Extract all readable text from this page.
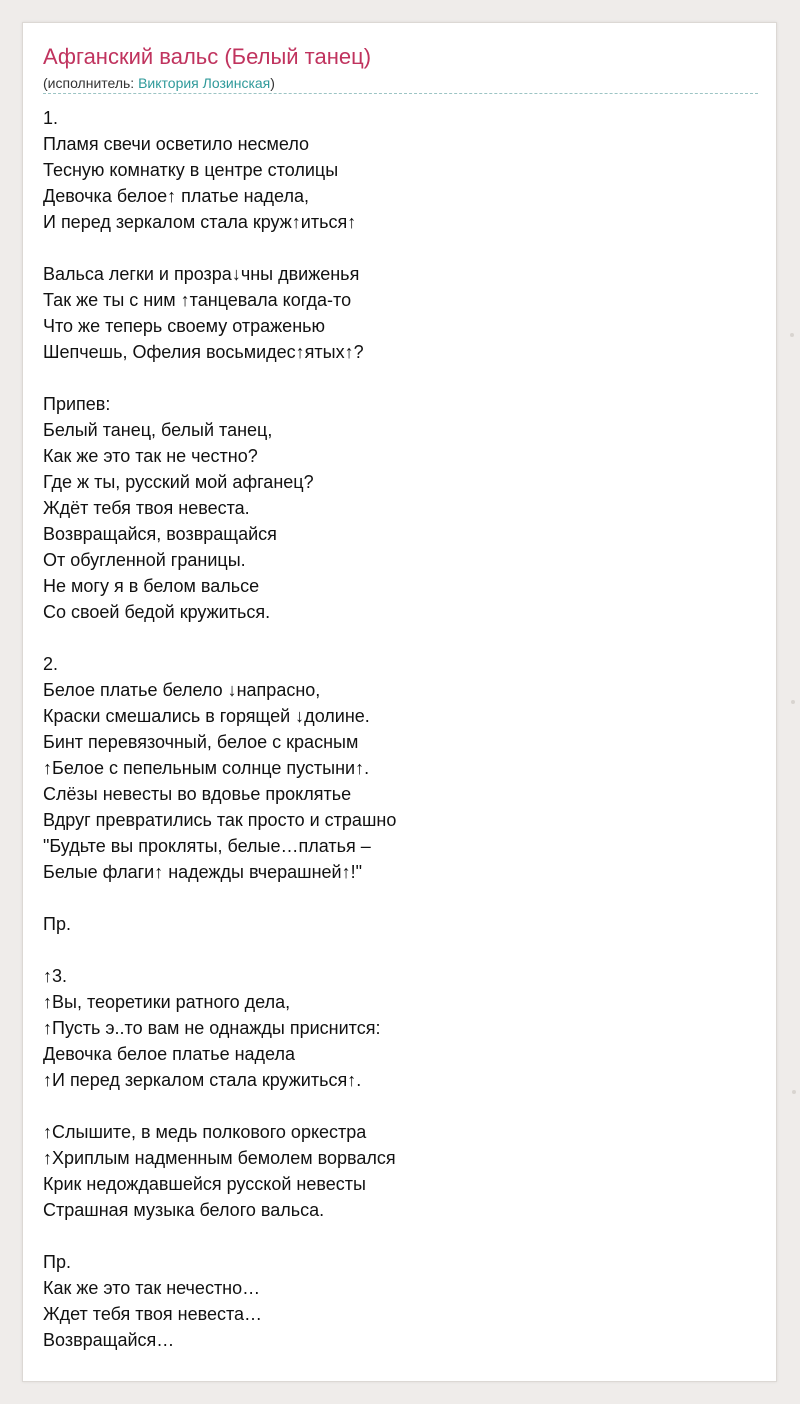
Афганский вальс (Белый танец)
(исполнитель: Виктория Лозинская)
1.
Пламя свечи осветило несмело
Тесную комнатку в центре столицы
Девочка белое↑ платье надела,
И перед зеркалом стала круж↑иться↑
Вальса легки и прозра↓чны движенья
Так же ты с ним ↑танцевала когда-то
Что же теперь своему отраженью
Шепчешь, Офелия восьмидес↑ятых↑?
Припев:
Белый танец, белый танец,
Как же это так не честно?
Где ж ты, русский мой афганец?
Ждёт тебя твоя невеста.
Возвращайся, возвращайся
От обугленной границы.
Не могу я в белом вальсе
Со своей бедой кружиться.
2.
Белое платье белело ↓напрасно,
Краски смешались в горящей ↓долине.
Бинт перевязочный, белое с красным
↑Белое с пепельным солнце пустыни↑.
Слёзы невесты во вдовье проклятье
Вдруг превратились так просто и страшно
"Будьте вы прокляты, белые…платья –
Белые флаги↑ надежды вчерашней↑!"
Пр.
↑3.
↑Вы, теоретики ратного дела,
↑Пусть э..то вам не однажды приснится:
Девочка белое платье надела
↑И перед зеркалом стала кружиться↑.
↑Слышите, в медь полкового оркестра
↑Хриплым надменным бемолем ворвался
Крик недождавшейся русской невесты
Страшная музыка белого вальса.
Пр.
Как же это так нечестно…
Ждет тебя твоя невеста…
Возвращайся…
